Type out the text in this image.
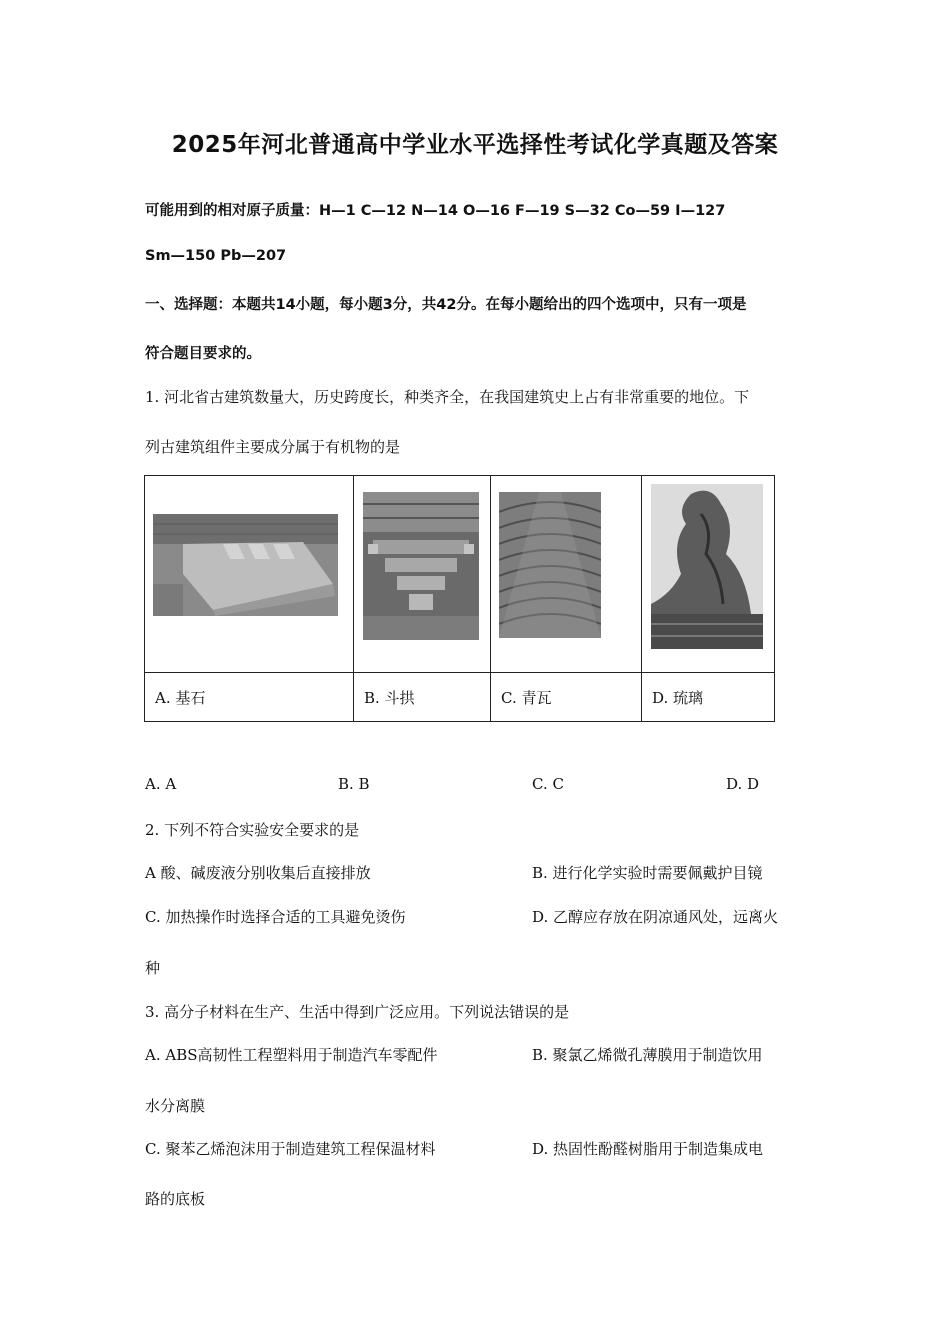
2025年河北普通高中学业水平选择性考试化学真题及答案
可能用到的相对原子质量：H—1 C—12 N—14 O—16 F—19 S—32 Co—59 I—127
Sm—150 Pb—207
一、选择题：本题共14小题，每小题3分，共42分。在每小题给出的四个选项中，只有一项是
符合题目要求的。
1. 河北省古建筑数量大，历史跨度长，种类齐全，在我国建筑史上占有非常重要的地位。下
列古建筑组件主要成分属于有机物的是

A. 基石	B. 斗拱	C. 青瓦	D. 琉璃
A. A	B. B	C. C	D. D
2. 下列不符合实验安全要求的是
A 酸、碱废液分别收集后直接排放	B. 进行化学实验时需要佩戴护目镜
C. 加热操作时选择合适的工具避免烫伤	D. 乙醇应存放在阴凉通风处，远离火
种
3. 高分子材料在生产、生活中得到广泛应用。下列说法错误的是
A. ABS高韧性工程塑料用于制造汽车零配件	B. 聚氯乙烯微孔薄膜用于制造饮用
水分离膜
C. 聚苯乙烯泡沫用于制造建筑工程保温材料	D. 热固性酚醛树脂用于制造集成电
路的底板
